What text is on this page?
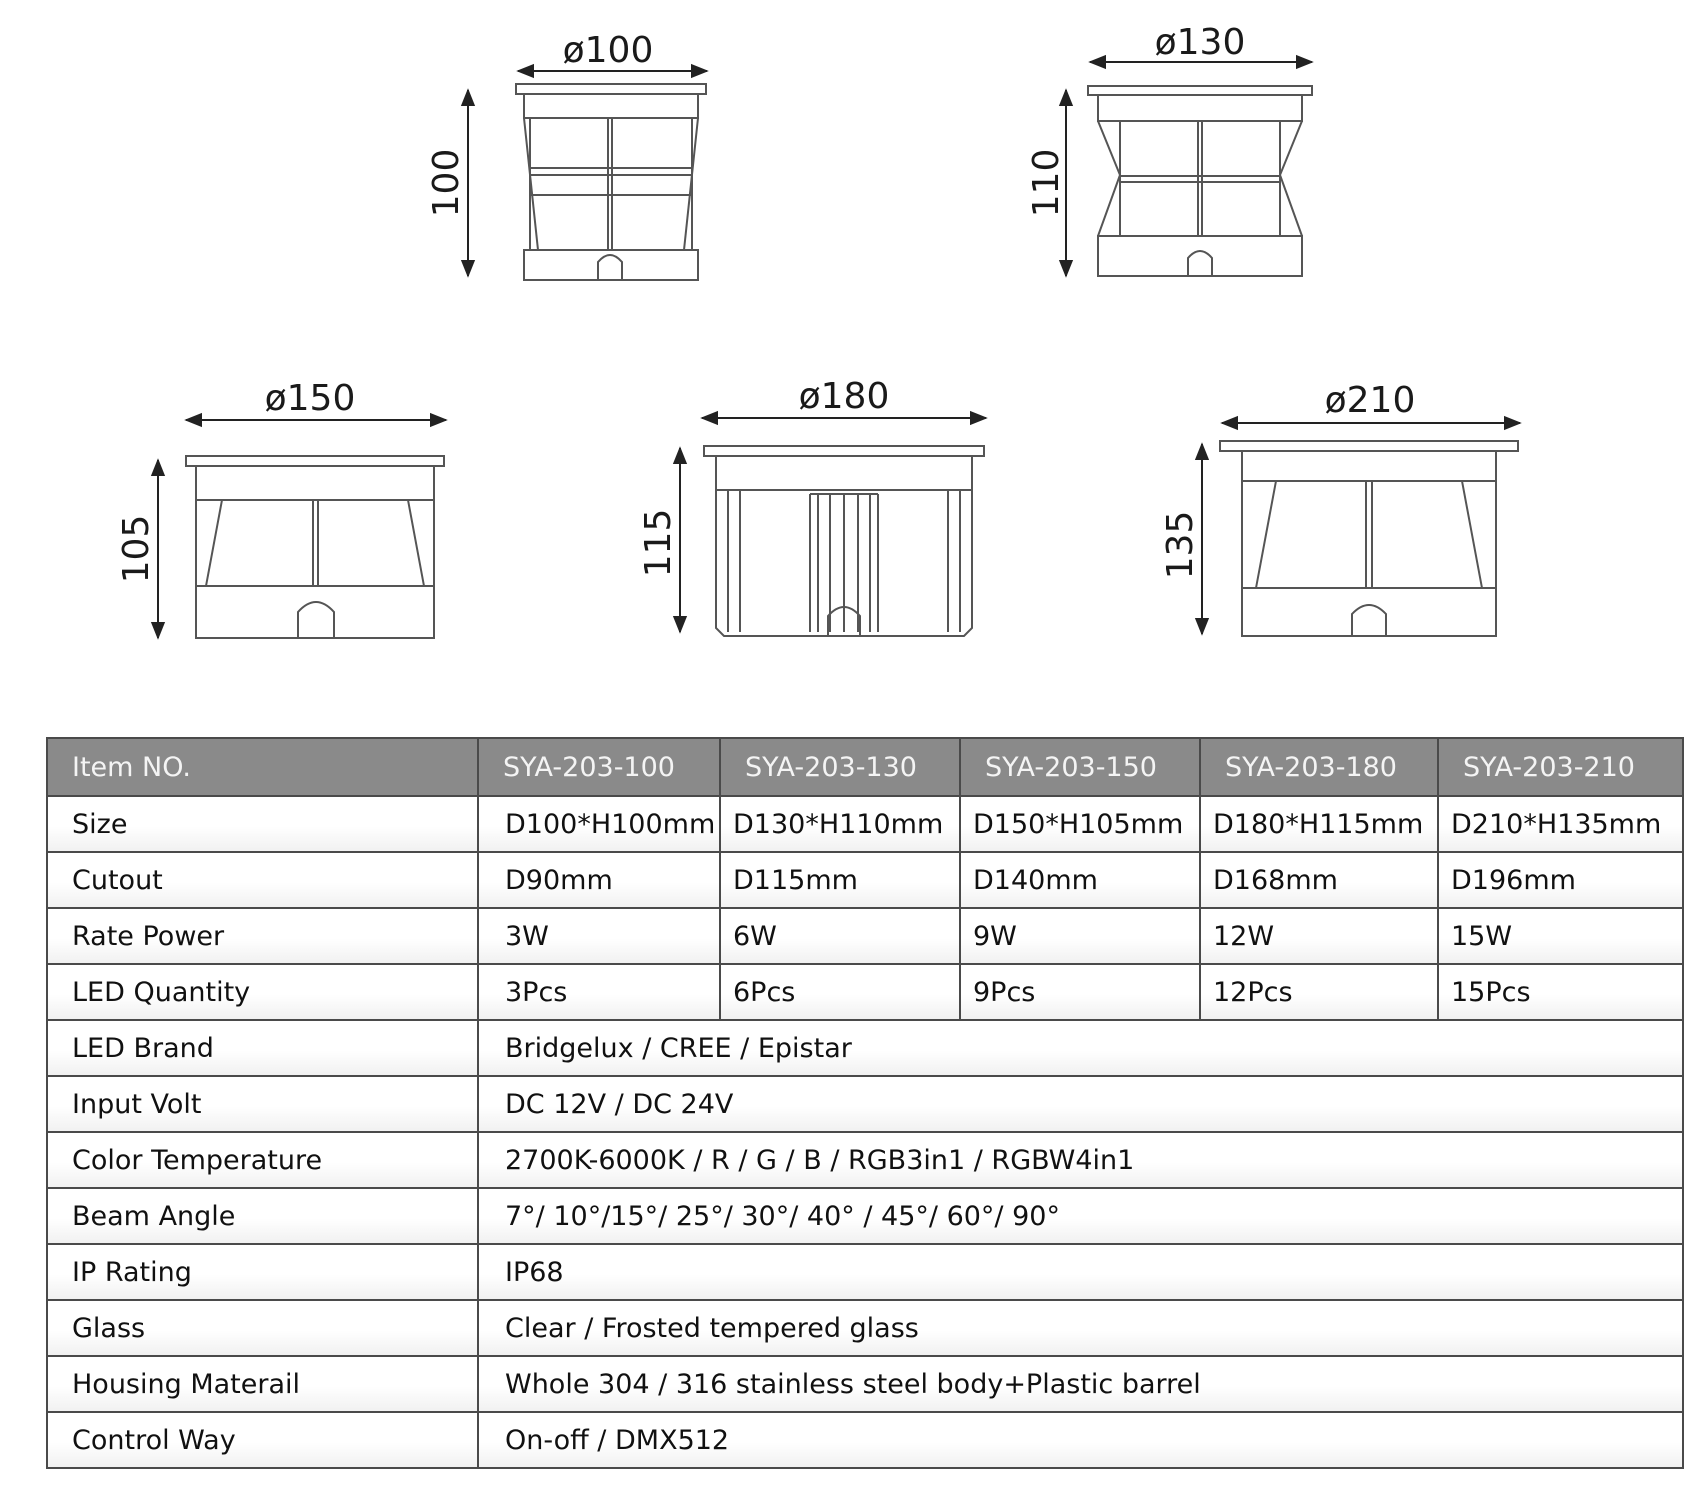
ø100
100
ø130
110
ø150
105
ø180
115
ø210
135
Item NO.	SYA-203-100	SYA-203-130	SYA-203-150	SYA-203-180	SYA-203-210
Size	D100*H100mm	D130*H110mm	D150*H105mm	D180*H115mm	D210*H135mm
Cutout	D90mm	D115mm	D140mm	D168mm	D196mm
Rate Power	3W	6W	9W	12W	15W
LED Quantity	3Pcs	6Pcs	9Pcs	12Pcs	15Pcs
LED Brand	Bridgelux / CREE / Epistar				
Input Volt	DC 12V / DC 24V				
Color Temperature	2700K-6000K / R / G / B / RGB3in1 / RGBW4in1				
Beam Angle	7°/ 10°/15°/ 25°/ 30°/ 40° / 45°/ 60°/ 90°				
IP Rating	IP68				
Glass	Clear / Frosted tempered glass				
Housing Materail	Whole 304 / 316 stainless steel body+Plastic barrel				
Control Way	On-off / DMX512				
